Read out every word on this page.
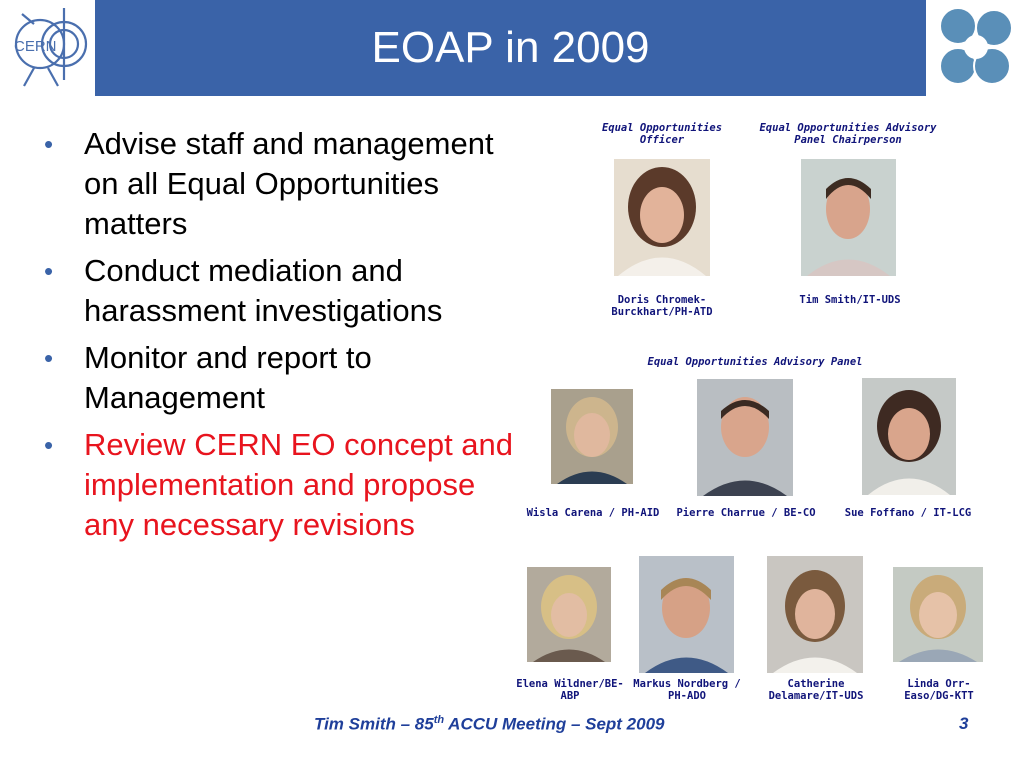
EOAP in 2009
CERN
• Advise staff and management on all Equal Opportunities matters
• Conduct mediation and harassment investigations
• Monitor and report to Management
• Review CERN EO concept and implementation and propose any necessary revisions
Equal Opportunities Officer
Equal Opportunities Advisory Panel Chairperson
Equal Opportunities Advisory Panel
Doris Chromek-Burckhart/PH-ATD
Tim Smith/IT-UDS
Wisla Carena / PH-AID	Pierre Charrue / BE-CO	Sue Foffano / IT-LCG
Elena Wildner/BE-ABP
Markus Nordberg / PH-ADO
Catherine Delamare/IT-UDS
Linda Orr-Easo/DG-KTT
Tim Smith – 85th ACCU Meeting – Sept 2009	3
